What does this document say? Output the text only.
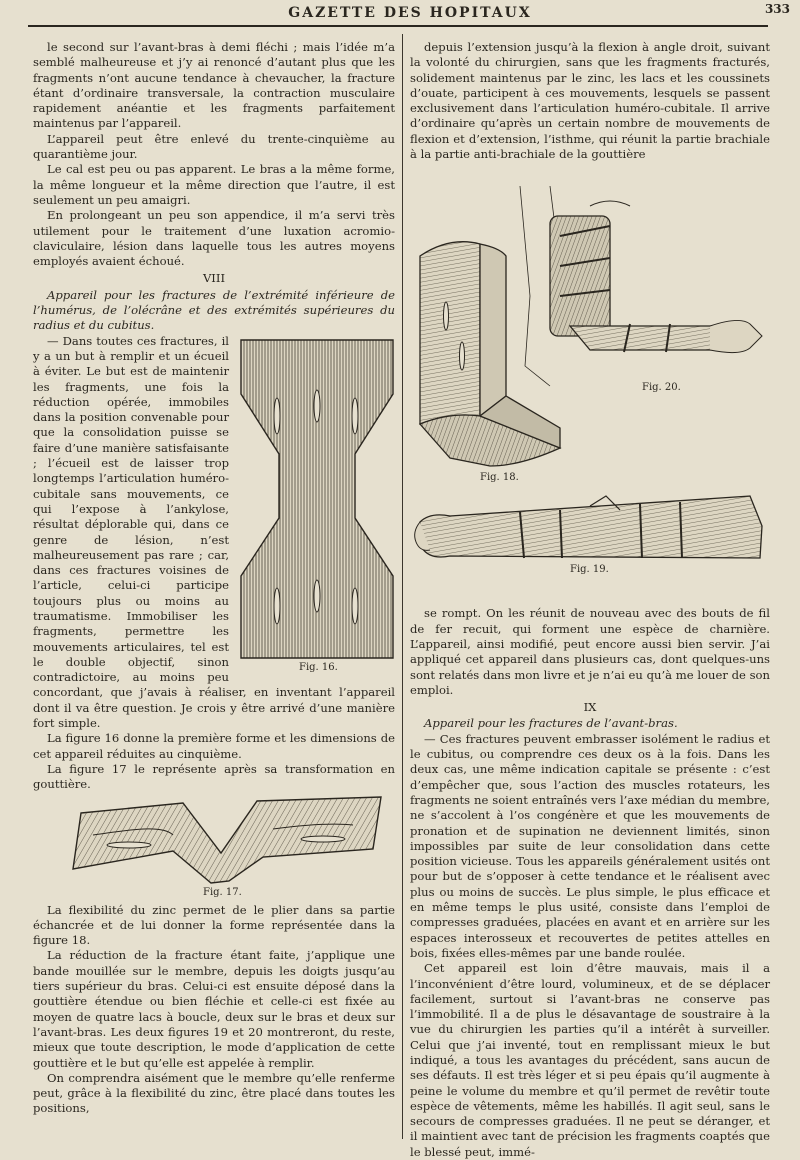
GAZETTE DES HOPITAUX	333

le second sur l’avant-bras à demi fléchi ; mais l’idée m’a semblé malheureuse et j’y ai renoncé d’autant plus que les fragments n’ont aucune tendance à chevaucher, la fracture étant d’ordinaire transversale, la contraction musculaire rapidement anéantie et les fragments parfaitement maintenus par l’appareil.

L’appareil peut être enlevé du trente-cinquième au quarantième jour.

Le cal est peu ou pas apparent. Le bras a la même forme, la même longueur et la même direction que l’autre, il est seulement un peu amaigri.

En prolongeant un peu son appendice, il m’a servi très utilement pour le traitement d’une luxation acromio-claviculaire, lésion dans laquelle tous les autres moyens employés avaient échoué.

VIII

Appareil pour les fractures de l’extrémité inférieure de l’humérus, de l’olécrâne et des extrémités supérieures du radius et du cubitus.

Fig. 16.

— Dans toutes ces fractures, il y a un but à remplir et un écueil à éviter. Le but est de maintenir les fragments, une fois la réduction opérée, immobiles dans la position convenable pour que la consolidation puisse se faire d’une manière satisfaisante ; l’écueil est de laisser trop longtemps l’articulation huméro-cubitale sans mouvements, ce qui l’expose à l’ankylose, résultat déplorable qui, dans ce genre de lésion, n’est malheureusement pas rare ; car, dans ces fractures voisines de l’article, celui-ci participe toujours plus ou moins au traumatisme. Immobiliser les fragments, permettre les mouvements articulaires, tel est le double objectif, sinon contradictoire, au moins peu concordant, que j’avais à réaliser, en inventant l’appareil dont il va être question. Je crois y être arrivé d’une manière fort simple.

La figure 16 donne la première forme et les dimensions de cet appareil réduites au cinquième.

La figure 17 le représente après sa transformation en gouttière.

Fig. 17.

La flexibilité du zinc permet de le plier dans sa partie échancrée et de lui donner la forme représentée dans la figure 18.

La réduction de la fracture étant faite, j’applique une bande mouillée sur le membre, depuis les doigts jusqu’au tiers supérieur du bras. Celui-ci est ensuite déposé dans la gouttière étendue ou bien fléchie et celle-ci est fixée au moyen de quatre lacs à boucle, deux sur le bras et deux sur l’avant-bras. Les deux figures 19 et 20 montreront, du reste, mieux que toute description, le mode d’application de cette gouttière et le but qu’elle est appelée à remplir.

On comprendra aisément que le membre qu’elle renferme peut, grâce à la flexibilité du zinc, être placé dans toutes les positions,

depuis l’extension jusqu’à la flexion à angle droit, suivant la volonté du chirurgien, sans que les fragments fracturés, solidement maintenus par le zinc, les lacs et les coussinets d’ouate, participent à ces mouvements, lesquels se passent exclusivement dans l’articulation huméro-cubitale. Il arrive d’ordinaire qu’après un certain nombre de mouvements de flexion et d’extension, l’isthme, qui réunit la partie brachiale à la partie anti-brachiale de la gouttière

Fig. 20.
Fig. 18.
Fig. 19.

se rompt. On les réunit de nouveau avec des bouts de fil de fer recuit, qui forment une espèce de charnière. L’appareil, ainsi modifié, peut encore aussi bien servir. J’ai appliqué cet appareil dans plusieurs cas, dont quelques-uns sont relatés dans mon livre et je n’ai eu qu’à me louer de son emploi.

IX

Appareil pour les fractures de l’avant-bras.

— Ces fractures peuvent embrasser isolément le radius et le cubitus, ou comprendre ces deux os à la fois. Dans les deux cas, une même indication capitale se présente : c’est d’empêcher que, sous l’action des muscles rotateurs, les fragments ne soient entraînés vers l’axe médian du membre, ne s’accolent à l’os congénère et que les mouvements de pronation et de supination ne deviennent limités, sinon impossibles par suite de leur consolidation dans cette position vicieuse. Tous les appareils généralement usités ont pour but de s’opposer à cette tendance et le réalisent avec plus ou moins de succès. Le plus simple, le plus efficace et en même temps le plus usité, consiste dans l’emploi de compresses graduées, placées en avant et en arrière sur les espaces interosseux et recouvertes de petites attelles en bois, fixées elles-mêmes par une bande roulée.

Cet appareil est loin d’être mauvais, mais il a l’inconvénient d’être lourd, volumineux, et de se déplacer facilement, surtout si l’avant-bras ne conserve pas l’immobilité. Il a de plus le désavantage de soustraire à la vue du chirurgien les parties qu’il a intérêt à surveiller. Celui que j’ai inventé, tout en remplissant mieux le but indiqué, a tous les avantages du précédent, sans aucun de ses défauts. Il est très léger et si peu épais qu’il augmente à peine le volume du membre et qu’il permet de revêtir toute espèce de vêtements, même les habillés. Il agit seul, sans le secours de compresses graduées. Il ne peut se déranger, et il maintient avec tant de précision les fragments coaptés que le blessé peut, immé-
